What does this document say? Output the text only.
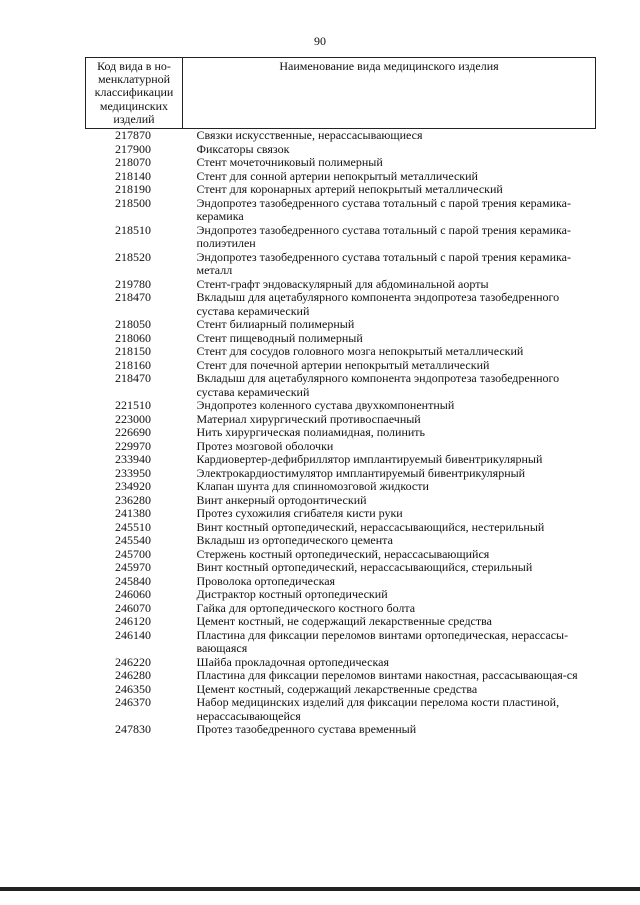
90
Код вида в но-менклатурной классификации медицинских изделий	Наименование вида медицинского изделия
217870	Связки искусственные, нерассасывающиеся
217900	Фиксаторы связок
218070	Стент мочеточниковый полимерный
218140	Стент для сонной артерии непокрытый металлический
218190	Стент для коронарных артерий непокрытый металлический
218500	Эндопротез тазобедренного сустава тотальный с парой трения керамика-керамика
218510	Эндопротез тазобедренного сустава тотальный с парой трения керамика-полиэтилен
218520	Эндопротез тазобедренного сустава тотальный с парой трения керамика-металл
219780	Стент-графт эндоваскулярный для абдоминальной аорты
218470	Вкладыш для ацетабулярного компонента эндопротеза тазобедренного сустава керамический
218050	Стент билиарный полимерный
218060	Стент пищеводный полимерный
218150	Стент для сосудов головного мозга непокрытый металлический
218160	Стент для почечной артерии непокрытый металлический
218470	Вкладыш для ацетабулярного компонента эндопротеза тазобедренного сустава керамический
221510	Эндопротез коленного сустава двухкомпонентный
223000	Материал хирургический противоспаечный
226690	Нить хирургическая полиамидная, полинить
229970	Протез мозговой оболочки
233940	Кардиовертер-дефибриллятор имплантируемый бивентрикулярный
233950	Электрокардиостимулятор имплантируемый бивентрикулярный
234920	Клапан шунта для спинномозговой жидкости
236280	Винт анкерный ортодонтический
241380	Протез сухожилия сгибателя кисти руки
245510	Винт костный ортопедический, нерассасывающийся, нестерильный
245540	Вкладыш из ортопедического цемента
245700	Стержень костный ортопедический, нерассасывающийся
245970	Винт костный ортопедический, нерассасывающийся, стерильный
245840	Проволока ортопедическая
246060	Дистрактор костный ортопедический
246070	Гайка для ортопедического костного болта
246120	Цемент костный, не содержащий лекарственные средства
246140	Пластина для фиксации переломов винтами ортопедическая, нерассасы-вающаяся
246220	Шайба прокладочная ортопедическая
246280	Пластина для фиксации переломов винтами накостная, рассасывающая-ся
246350	Цемент костный, содержащий лекарственные средства
246370	Набор медицинских изделий для фиксации перелома кости пластиной, нерассасывающейся
247830	Протез тазобедренного сустава временный
